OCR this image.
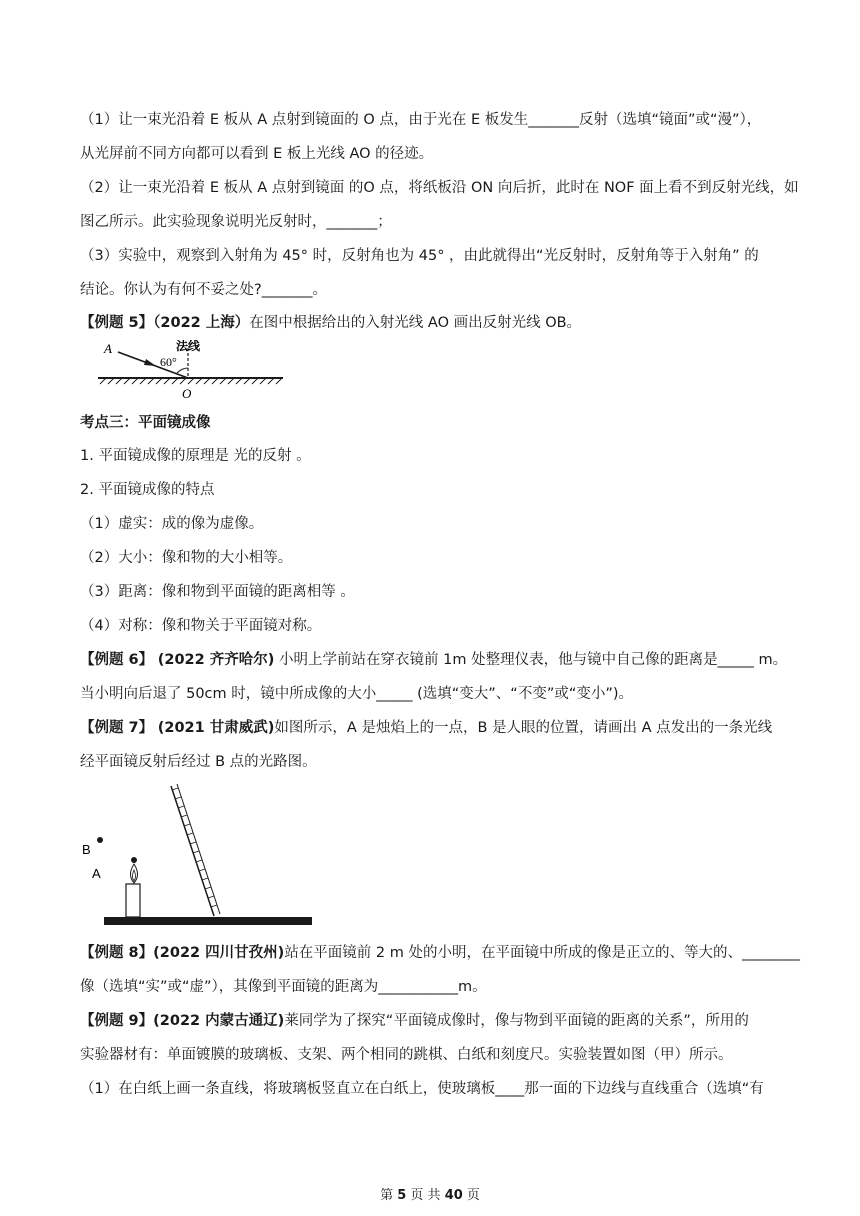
（1）让一束光沿着 E 板从 A 点射到镜面的 O 点，由于光在 E 板发生_______反射（选填“镜面”或“漫”），
从光屏前不同方向都可以看到 E 板上光线 AO 的径迹。
（2）让一束光沿着 E 板从 A 点射到镜面 的O 点，将纸板沿 ON 向后折，此时在 NOF 面上看不到反射光线，如
图乙所示。此实验现象说明光反射时，_______；
（3）实验中，观察到入射角为 45° 时，反射角也为 45° ，由此就得出“光反射时，反射角等于入射角” 的
结论。你认为有何不妥之处?_______。
【例题 5】（2022 上海）在图中根据给出的入射光线 AO 画出反射光线 OB。
A	法线
60°
O
考点三：平面镜成像
1. 平面镜成像的原理是 光的反射 。
2. 平面镜成像的特点
（1）虚实：成的像为虚像。
（2）大小：像和物的大小相等。
（3）距离：像和物到平面镜的距离相等 。
（4）对称：像和物关于平面镜对称。
【例题 6】 (2022 齐齐哈尔) 小明上学前站在穿衣镜前 1m 处整理仪表，他与镜中自己像的距离是_____ m。
当小明向后退了 50cm 时，镜中所成像的大小_____ (选填“变大”、“不变”或“变小”)。
【例题 7】 (2021 甘肃威武)如图所示，A 是烛焰上的一点，B 是人眼的位置，请画出 A 点发出的一条光线
经平面镜反射后经过 B 点的光路图。
B
A
【例题 8】(2022 四川甘孜州)站在平面镜前 2 m 处的小明，在平面镜中所成的像是正立的、等大的、________
像（选填“实”或“虚”），其像到平面镜的距离为___________m。
【例题 9】(2022 内蒙古通辽)莱同学为了探究“平面镜成像时，像与物到平面镜的距离的关系”，所用的
实验器材有：单面镀膜的玻璃板、支架、两个相同的跳棋、白纸和刻度尺。实验装置如图（甲）所示。
（1）在白纸上画一条直线，将玻璃板竖直立在白纸上，使玻璃板____那一面的下边线与直线重合（选填“有
第 5 页 共 40 页
